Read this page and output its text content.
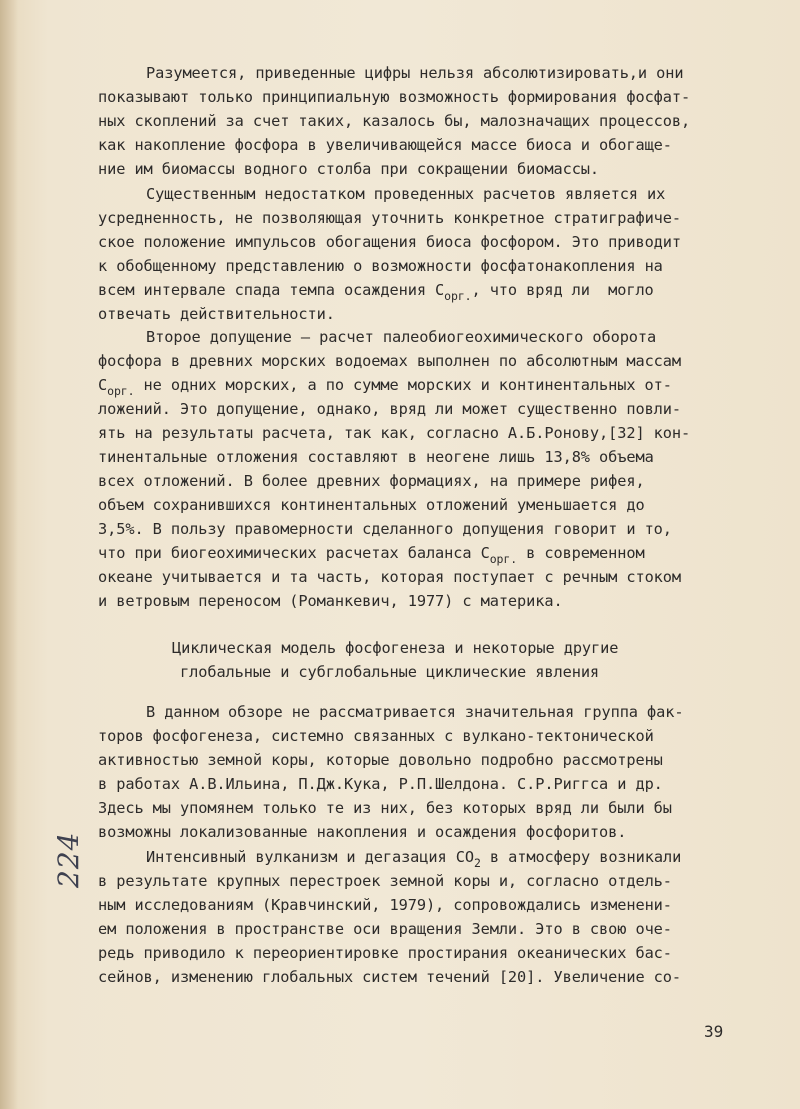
Разумеется, приведенные цифры нельзя абсолютизировать,и они

показывают только принципиальную возможность формирования фосфат-

ных скоплений за счет таких, казалось бы, малозначащих процессов,

как накопление фосфора в увеличивающейся массе биоса и обогаще-

ние им биомассы водного столба при сокращении биомассы.

Существенным недостатком проведенных расчетов является их

усредненность, не позволяющая уточнить конкретное стратиграфиче-

ское положение импульсов обогащения биоса фосфором. Это приводит

к обобщенному представлению о возможности фосфатонакопления на

всем интервале спада темпа осаждения $С_{орг.}$, что вряд ли  могло

отвечать действительности.

Второе допущение – расчет палеобиогеохимического оборота

фосфора в древних морских водоемах выполнен по абсолютным массам

$С_{орг.}$ не одних морских, а по сумме морских и континентальных от-

ложений. Это допущение, однако, вряд ли может существенно повли-

ять на результаты расчета, так как, согласно А.Б.Ронову,[32] кон-

тинентальные отложения составляют в неогене лишь 13,8% объема

всех отложений. В более древних формациях, на примере рифея,

объем сохранившихся континентальных отложений уменьшается до

3,5%. В пользу правомерности сделанного допущения говорит и то,

что при биогеохимических расчетах баланса $С_{орг.}$ в современном

океане учитывается и та часть, которая поступает с речным стоком

и ветровым переносом (Романкевич, 1977) с материка.

Циклическая модель фосфогенеза и некоторые другие

глобальные и субглобальные циклические явления

В данном обзоре не рассматривается значительная группа фак-

торов фосфогенеза, системно связанных с вулкано-тектонической

активностью земной коры, которые довольно подробно рассмотрены

в работах А.В.Ильина, П.Дж.Кука, Р.П.Шелдона. С.Р.Риггса и др.

Здесь мы упомянем только те из них, без которых вряд ли были бы

возможны локализованные накопления и осаждения фосфоритов.

Интенсивный вулканизм и дегазация $СО_2$ в атмосферу возникали

в результате крупных перестроек земной коры и, согласно отдель-

ным исследованиям (Кравчинский, 1979), сопровождались изменени-

ем положения в пространстве оси вращения Земли. Это в свою оче-

редь приводило к переориентировке простирания океанических бас-

сейнов, изменению глобальных систем течений [20]. Увеличение со-

224
39
